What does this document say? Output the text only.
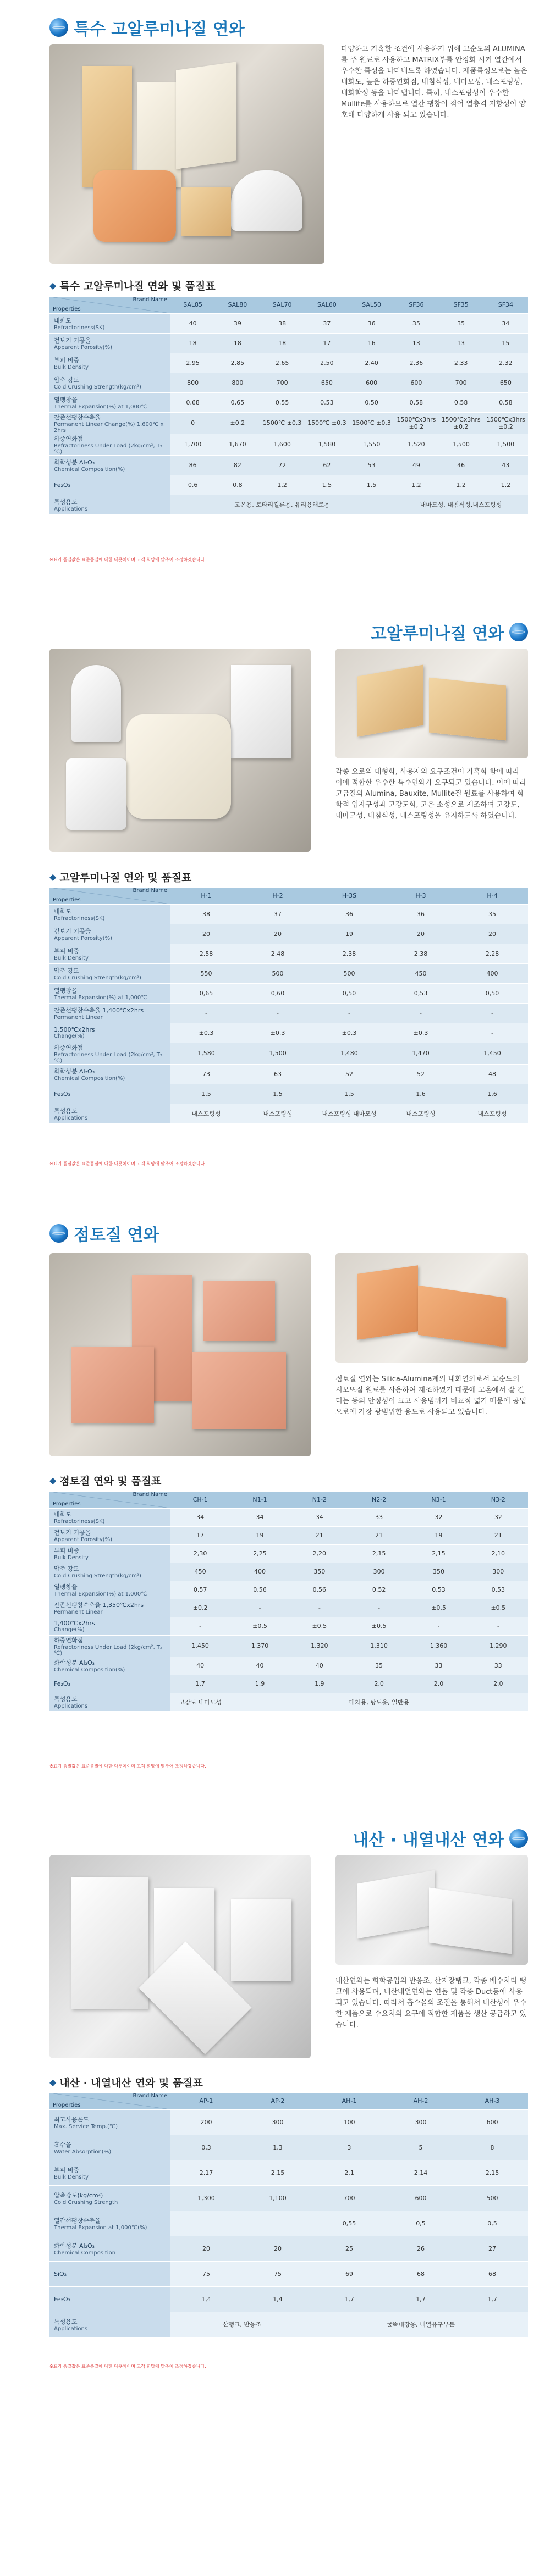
특수 고알루미나질 연와
다양하고 가혹한 조건에 사용하기 위해 고순도의 ALUMINA를 주 원료로 사용하고 MATRIX부를 안정화 시켜 열간에서 우수한 특성을 나타내도록 하였습니다. 제품특성으로는 높은 내화도, 높은 하중연화점, 내침식성, 내마모성, 내스포링성, 내화학성 등을 나타냅니다. 특히, 내스포링성이 우수한 Mullite를 사용하므로 열간 팽창이 적어 열충격 저항성이 양호해 다양하게 사용 되고 있습니다.
◆ 특수 고알루미나질 연와 및 품질표
Brand Name
Properties	SAL85	SAL80	SAL70	SAL60	SAL50	SF36	SF35	SF34
내화도
Refractoriness(SK)	40	39	38	37	36	35	35	34
겉보기 기공율
Apparent Porosity(%)	18	18	18	17	16	13	13	15
부피 비중
Bulk Density	2,95	2,85	2,65	2,50	2,40	2,36	2,33	2,32
압축 강도
Cold Crushing Strength(kg/cm²)	800	800	700	650	600	600	700	650
열팽창율
Thermal Expansion(%) at 1,000℃	0,68	0,65	0,55	0,53	0,50	0,58	0,58	0,58
잔존선팽창수축율
Permanent Linear Change(%) 1,600℃ x 2hrs	0	±0,2	1500℃ ±0,3	1500℃ ±0,3	1500℃ ±0,3	1500℃x3hrs ±0,2	1500℃x3hrs ±0,2	1500℃x3hrs ±0,2
하중연화점
Refractoriness Under Load (2kg/cm², T₂ ℃)	1,700	1,670	1,600	1,580	1,550	1,520	1,500	1,500
화학성분 Al₂O₃
Chemical Composition(%)	86	82	72	62	53	49	46	43
Fe₂O₃	0,6	0,8	1,2	1,5	1,5	1,2	1,2	1,2
특성용도
Applications	고온용, 로타리킬른용, 유리용해로용					내마모성, 내침식성,내스포링성		
※표기 품질값은 표준품질에 대한 대푯치이며 고객 희망에 맞추어 조정하겠습니다.
고알루미나질 연와
각종 요로의 대형화, 사용자의 요구조건이 가혹화 함에 따라 이에 적합한 우수한 특수연와가 요구되고 있습니다. 이에 따라 고급질의 Alumina, Bauxite, Mullite질 원료를 사용하여 화학적 입자구성과 고강도화, 고온 소성으로 제조하여 고강도, 내마모성, 내침식성, 내스포링성을 유지하도록 하였습니다.
◆ 고알루미나질 연와 및 품질표
Brand Name
Properties	H-1	H-2	H-3S	H-3	H-4
내화도
Refractoriness(SK)	38	37	36	36	35
겉보기 기공율
Apparent Porosity(%)	20	20	19	20	20
부피 비중
Bulk Density	2,58	2,48	2,38	2,38	2,28
압축 강도
Cold Crushing Strength(kg/cm²)	550	500	500	450	400
열팽창율
Thermal Expansion(%) at 1,000℃	0,65	0,60	0,50	0,53	0,50
잔존선팽창수축율 1,400℃x2hrs
Permanent Linear	-	-	-	-	-
1,500℃x2hrs
Change(%)	±0,3	±0,3	±0,3	±0,3	-
하중연화점
Refractoriness Under Load (2kg/cm², T₂ ℃)	1,580	1,500	1,480	1,470	1,450
화학성분 Al₂O₃
Chemical Composition(%)	73	63	52	52	48
Fe₂O₃	1,5	1,5	1,5	1,6	1,6
특성용도
Applications	내스포링성	내스포링성	내스포링성 내마모성	내스포링성	내스포링성
※표기 품질값은 표준품질에 대한 대푯치이며 고객 희망에 맞추어 조정하겠습니다.
점토질 연와
점토질 연와는 Silica-Alumina계의 내화연와로서 고순도의 시모또질 원료를 사용하여 제조하였기 때문에 고온에서 잘 견디는 등의 안정성이 크고 사용범위가 비교적 넓기 때문에 공업요로에 가장 광범위한 용도로 사용되고 있습니다.
◆ 점토질 연와 및 품질표
Brand Name
Properties	CH-1	N1-1	N1-2	N2-2	N3-1	N3-2
내화도
Refractoriness(SK)	34	34	34	33	32	32
겉보기 기공율
Apparent Porosity(%)	17	19	21	21	19	21
부피 비중
Bulk Density	2,30	2,25	2,20	2,15	2,15	2,10
압축 강도
Cold Crushing Strength(kg/cm²)	450	400	350	300	350	300
열팽창율
Thermal Expansion(%) at 1,000℃	0,57	0,56	0,56	0,52	0,53	0,53
잔존선팽창수축율 1,350℃x2hrs
Permanent Linear	±0,2	-	-	-	±0,5	±0,5
1,400℃x2hrs
Change(%)	-	±0,5	±0,5	±0,5	-	-
하중연화점
Refractoriness Under Load (2kg/cm², T₂ ℃)	1,450	1,370	1,320	1,310	1,360	1,290
화학성분 Al₂O₃
Chemical Composition(%)	40	40	40	35	33	33
Fe₂O₃	1,7	1,9	1,9	2,0	2,0	2,0
특성용도
Applications	고강도 내마모성	대차용, 탕도용, 일반용				
※표기 품질값은 표준품질에 대한 대푯치이며 고객 희망에 맞추어 조정하겠습니다.
내산 · 내열내산 연와
내산연와는 화학공업의 반응조, 산저장탱크, 각종 배수처리 탱크에 사용되며, 내산내열연와는 연돌 및 각종 Duct등에 사용되고 있습니다. 따라서 흡수율의 조절을 통해서 내산성이 우수한 제품으로 수요처의 요구에 적합한 제품을 생산 공급하고 있습니다.
◆ 내산 · 내열내산 연와 및 품질표
Brand Name
Properties	AP-1	AP-2	AH-1	AH-2	AH-3
최고사용온도
Max. Service Temp.(℃)	200	300	100	300	600
흡수율
Water Absorption(%)	0,3	1,3	3	5	8
부피 비중
Bulk Density	2,17	2,15	2,1	2,14	2,15
압축강도(kg/cm²)
Cold Crushing Strength	1,300	1,100	700	600	500
열간선팽창수축율
Thermal Expansion at 1,000℃(%)			0,55	0,5	0,5
화학성분 Al₂O₃
Chemical Composition	20	20	25	26	27
SiO₂	75	75	69	68	68
Fe₂O₃	1,4	1,4	1,7	1,7	1,7
특성용도
Applications	산맹크, 반응조		굴뚝내장용, 내열유구부분		
※표기 품질값은 표준품질에 대한 대푯치이며 고객 희망에 맞추어 조정하겠습니다.
